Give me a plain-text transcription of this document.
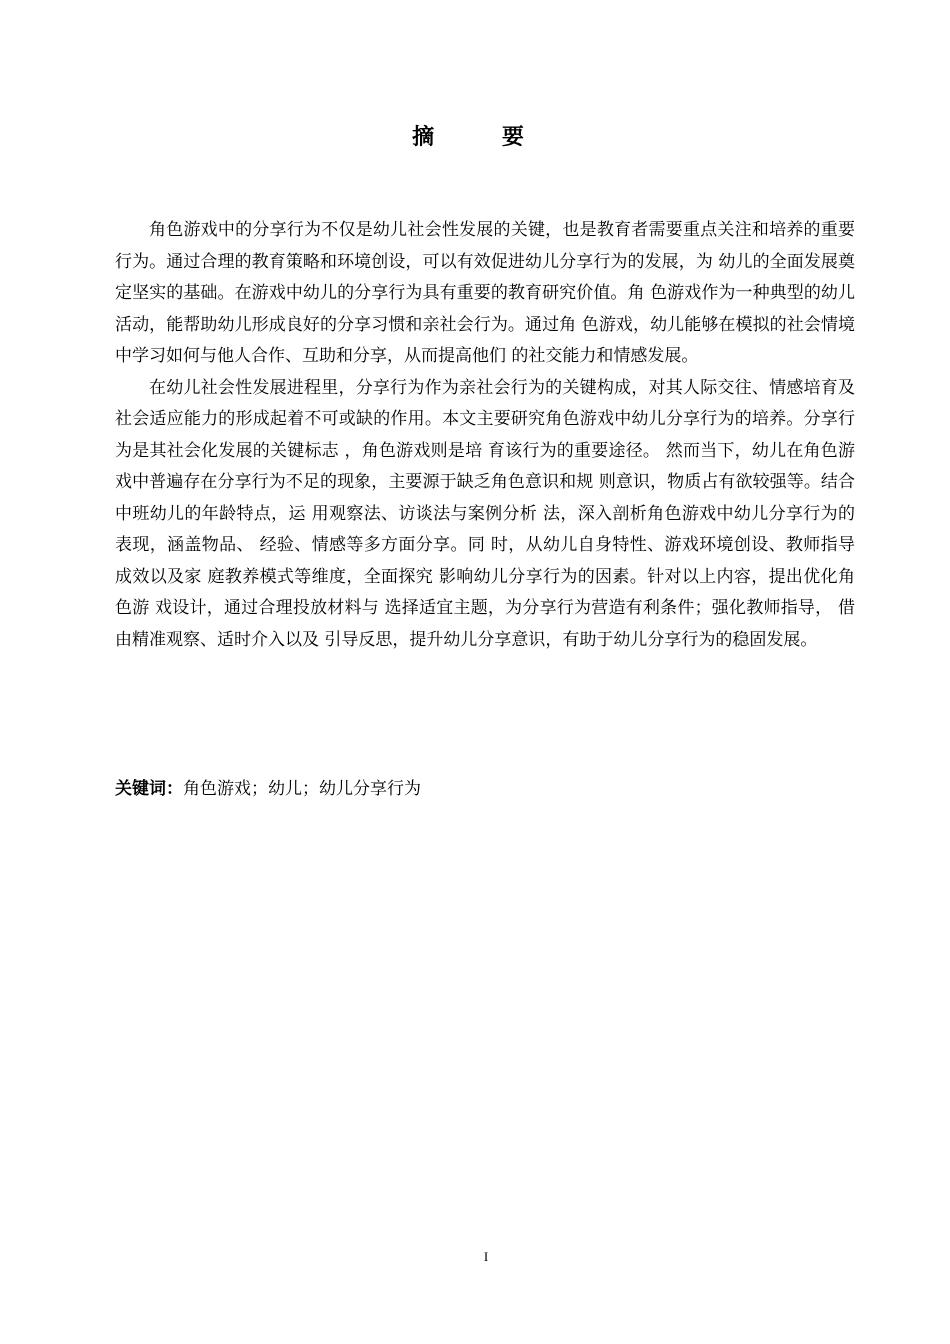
摘 要

角色游戏中的分享行为不仅是幼儿社会性发展的关键，也是教育者需要重点关注和培养的重要行为。通过合理的教育策略和环境创设，可以有效促进幼儿分享行为的发展，为 幼儿的全面发展奠定坚实的基础。在游戏中幼儿的分享行为具有重要的教育研究价值。角 色游戏作为一种典型的幼儿活动，能帮助幼儿形成良好的分享习惯和亲社会行为。通过角 色游戏，幼儿能够在模拟的社会情境中学习如何与他人合作、互助和分享，从而提高他们 的社交能力和情感发展。

在幼儿社会性发展进程里，分享行为作为亲社会行为的关键构成，对其人际交往、情感培育及社会适应能力的形成起着不可或缺的作用。本文主要研究角色游戏中幼儿分享行为的培养。分享行为是其社会化发展的关键标志 ，角色游戏则是培 育该行为的重要途径。 然而当下，幼儿在角色游戏中普遍存在分享行为不足的现象，主要源于缺乏角色意识和规 则意识，物质占有欲较强等。结合中班幼儿的年龄特点，运 用观察法、访谈法与案例分析 法，深入剖析角色游戏中幼儿分享行为的表现，涵盖物品、 经验、情感等多方面分享。同 时，从幼儿自身特性、游戏环境创设、教师指导成效以及家 庭教养模式等维度，全面探究 影响幼儿分享行为的因素。针对以上内容，提出优化角色游 戏设计，通过合理投放材料与 选择适宜主题，为分享行为营造有利条件；强化教师指导， 借由精准观察、适时介入以及 引导反思，提升幼儿分享意识，有助于幼儿分享行为的稳固发展。

关键词：角色游戏；幼儿；幼儿分享行为

I
